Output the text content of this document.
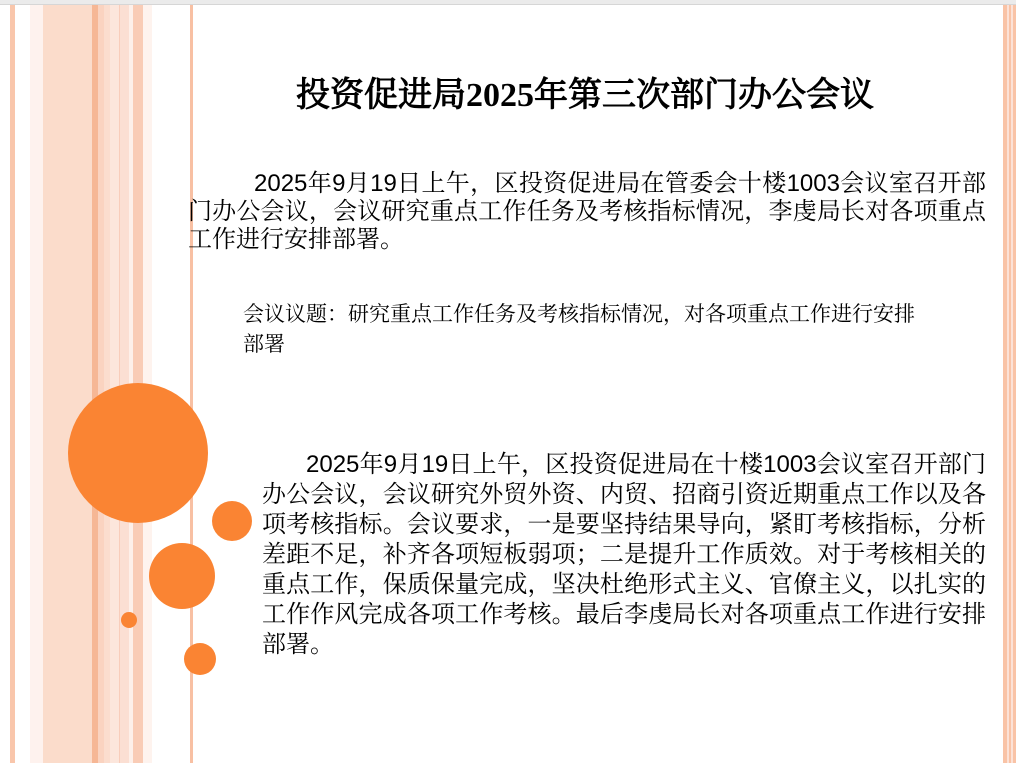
投资促进局2025年第三次部门办公会议
2025年9月19日上午，区投资促进局在管委会十楼1003会议室召开部门办公会议，会议研究重点工作任务及考核指标情况，李虔局长对各项重点工作进行安排部署。
会议议题：研究重点工作任务及考核指标情况，对各项重点工作进行安排部署
2025年9月19日上午，区投资促进局在十楼1003会议室召开部门办公会议，会议研究外贸外资、内贸、招商引资近期重点工作以及各项考核指标。会议要求，一是要坚持结果导向，紧盯考核指标，分析差距不足，补齐各项短板弱项；二是提升工作质效。对于考核相关的重点工作，保质保量完成，坚决杜绝形式主义、官僚主义，以扎实的工作作风完成各项工作考核。最后李虔局长对各项重点工作进行安排部署。
